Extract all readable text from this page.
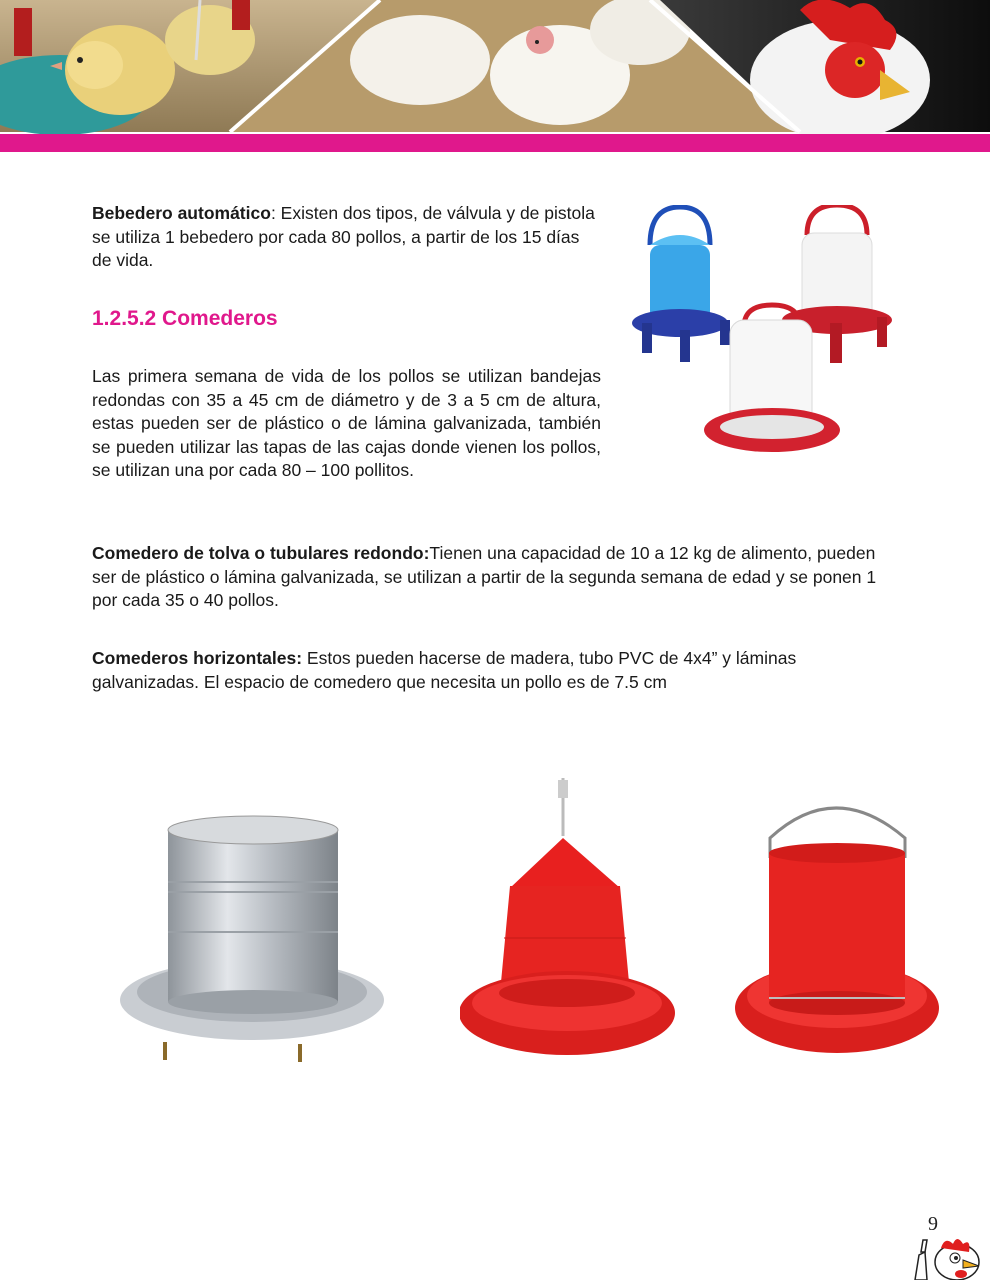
Bebedero automático: Existen dos tipos, de válvula y de pistola se utiliza 1 bebedero por cada 80 pollos, a partir de los 15 días de vida.

1.2.5.2 Comederos

Las primera semana de vida de los pollos se utilizan bandejas redondas con 35 a 45 cm de diámetro y de 3 a 5 cm de altura, estas pueden ser de plástico o de lámina galvanizada, también se pueden utilizar las tapas de las cajas donde vienen los pollos, se utilizan una por cada 80 – 100 pollitos.

Comedero de tolva o tubulares redondo:Tienen una capacidad de 10 a 12 kg de alimento, pueden ser de plástico o lámina galvanizada, se utilizan a partir de la segunda semana de edad y se ponen 1 por cada 35 o 40 pollos.

Comederos horizontales: Estos pueden hacerse de madera, tubo PVC de 4x4” y láminas galvanizadas. El espacio de comedero que necesita un pollo es de 7.5 cm

9
